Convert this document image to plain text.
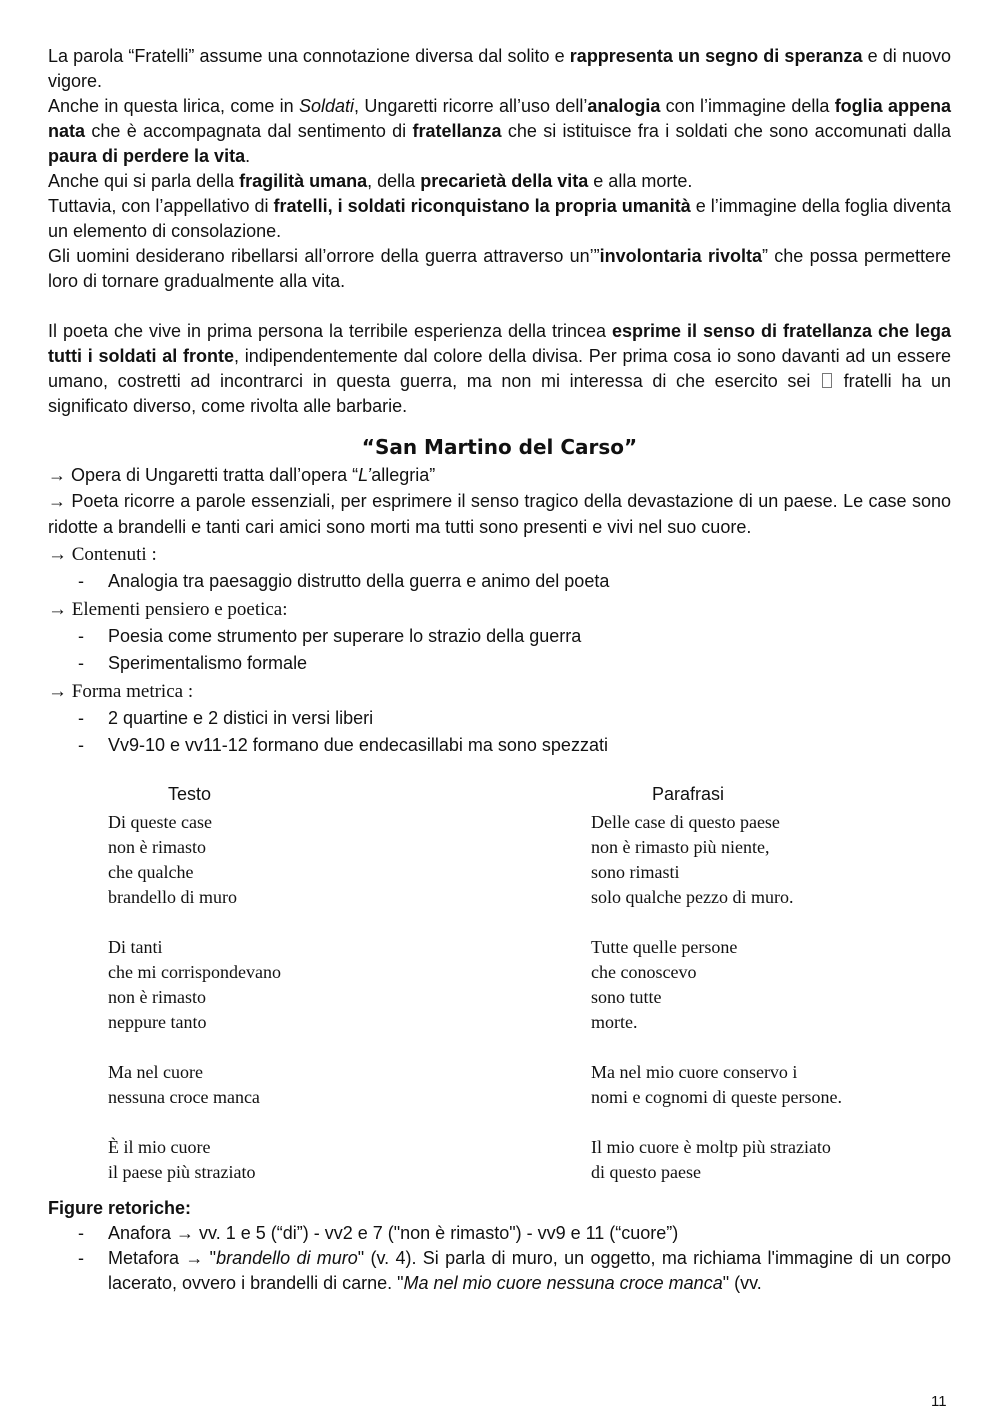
La parola “Fratelli” assume una connotazione diversa dal solito e rappresenta un segno di speranza e di nuovo vigore.

Anche in questa lirica, come in Soldati, Ungaretti ricorre all’uso dell’analogia con l’immagine della foglia appena nata che è accompagnata dal sentimento di fratellanza che si istituisce fra i soldati che sono accomunati dalla paura di perdere la vita.

Anche qui si parla della fragilità umana, della precarietà della vita e alla morte.

Tuttavia, con l’appellativo di fratelli, i soldati riconquistano la propria umanità e l’immagine della foglia diventa un elemento di consolazione.

Gli uomini desiderano ribellarsi all’orrore della guerra attraverso un’”involontaria rivolta” che possa permettere loro di tornare gradualmente alla vita.

Il poeta che vive in prima persona la terribile esperienza della trincea esprime il senso di fratellanza che lega tutti i soldati al fronte, indipendentemente dal colore della divisa. Per prima cosa io sono davanti ad un essere umano, costretti ad incontrarci in questa guerra, ma non mi interessa di che esercito sei  fratelli ha un significato diverso, come rivolta alle barbarie.

“San Martino del Carso”

→ Opera di Ungaretti tratta dall’opera “L’allegria”

→ Poeta ricorre a parole essenziali, per esprimere il senso tragico della devastazione di un paese. Le case sono ridotte a brandelli e tanti cari amici sono morti ma tutti sono presenti e vivi nel suo cuore.

→ Contenuti :
- Analogia tra paesaggio distrutto della guerra e animo del poeta
→ Elementi pensiero e poetica:
- Poesia come strumento per superare lo strazio della guerra
- Sperimentalismo formale
→ Forma metrica :
- 2 quartine e 2 distici in versi liberi
- Vv9-10 e vv11-12 formano due endecasillabi ma sono spezzati
Testo	Parafrasi
Di queste case
non è rimasto
che qualche
brandello di muro
Di tanti
che mi corrispondevano
non è rimasto
neppure tanto
Ma nel cuore
nessuna croce manca
È il mio cuore
il paese più straziato
Delle case di questo paese
non è rimasto più niente,
sono rimasti
solo qualche pezzo di muro.
Tutte quelle persone
che conoscevo
sono tutte
morte.
Ma nel mio cuore conservo i
nomi e cognomi di queste persone.
Il mio cuore è moltp più straziato
di questo paese
Figure retoriche:
- Anafora → vv. 1 e 5 (“di”) - vv2 e 7 ("non è rimasto") - vv9 e 11 (“cuore”)
- Metafora → "brandello di muro" (v. 4). Si parla di muro, un oggetto, ma richiama l'immagine di un corpo lacerato, ovvero i brandelli di carne. "Ma nel mio cuore nessuna croce manca" (vv.
11
